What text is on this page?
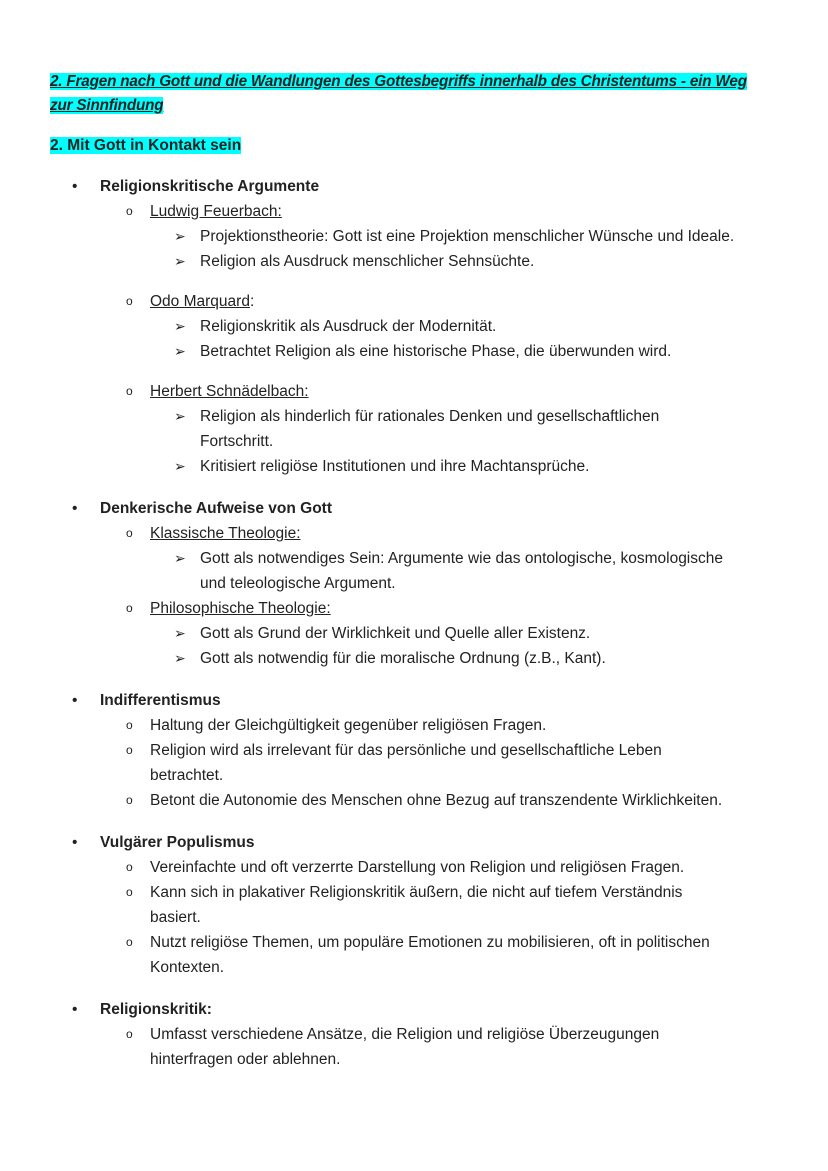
2. Fragen nach Gott und die Wandlungen des Gottesbegriffs innerhalb des Christentums - ein Weg
zur Sinnfindung
2. Mit Gott in Kontakt sein
• Religionskritische Argumente
o Ludwig Feuerbach:
➢ Projektionstheorie: Gott ist eine Projektion menschlicher Wünsche und Ideale.
➢ Religion als Ausdruck menschlicher Sehnsüchte.
o Odo Marquard:
➢ Religionskritik als Ausdruck der Modernität.
➢ Betrachtet Religion als eine historische Phase, die überwunden wird.
o Herbert Schnädelbach:
➢ Religion als hinderlich für rationales Denken und gesellschaftlichen
Fortschritt.
➢ Kritisiert religiöse Institutionen und ihre Machtansprüche.
• Denkerische Aufweise von Gott
o Klassische Theologie:
➢ Gott als notwendiges Sein: Argumente wie das ontologische, kosmologische
und teleologische Argument.
o Philosophische Theologie:
➢ Gott als Grund der Wirklichkeit und Quelle aller Existenz.
➢ Gott als notwendig für die moralische Ordnung (z.B., Kant).
• Indifferentismus
o Haltung der Gleichgültigkeit gegenüber religiösen Fragen.
o Religion wird als irrelevant für das persönliche und gesellschaftliche Leben
betrachtet.
o Betont die Autonomie des Menschen ohne Bezug auf transzendente Wirklichkeiten.
• Vulgärer Populismus
o Vereinfachte und oft verzerrte Darstellung von Religion und religiösen Fragen.
o Kann sich in plakativer Religionskritik äußern, die nicht auf tiefem Verständnis
basiert.
o Nutzt religiöse Themen, um populäre Emotionen zu mobilisieren, oft in politischen
Kontexten.
• Religionskritik:
o Umfasst verschiedene Ansätze, die Religion und religiöse Überzeugungen
hinterfragen oder ablehnen.
